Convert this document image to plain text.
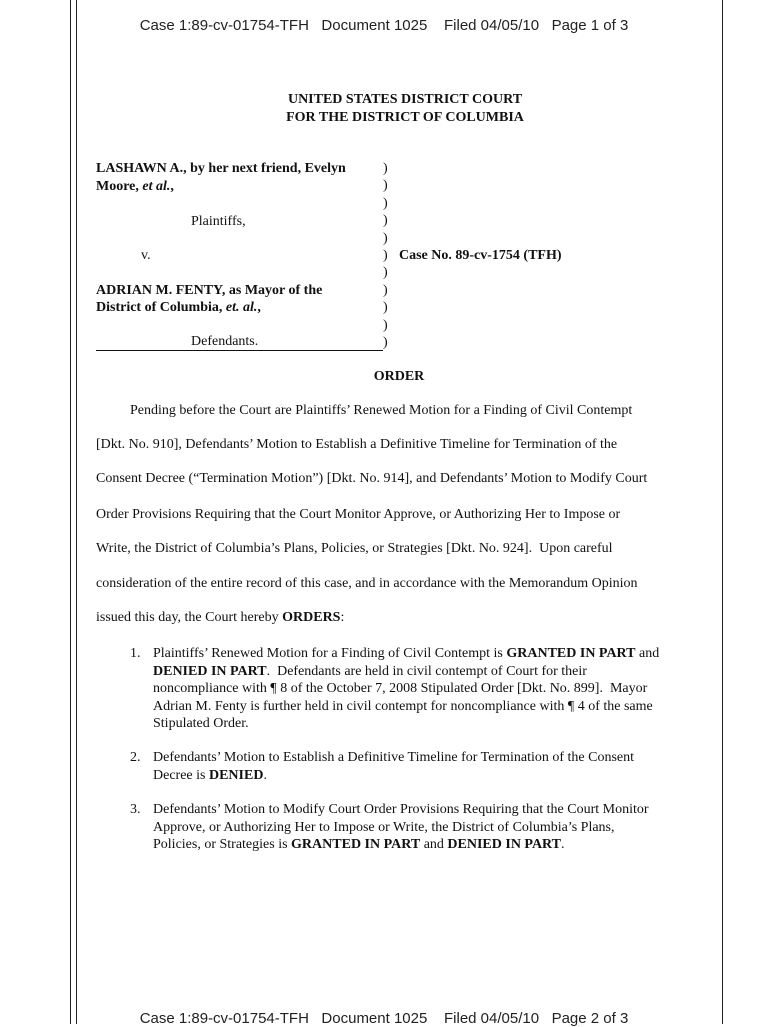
Case 1:89-cv-01754-TFH   Document 1025    Filed 04/05/10   Page 1 of 3
UNITED STATES DISTRICT COURT
FOR THE DISTRICT OF COLUMBIA
LASHAWN A., by her next friend, Evelyn
Moore, et al.,
Plaintiffs,
v.
ADRIAN M. FENTY, as Mayor of the
District of Columbia, et. al.,
Defendants.
Case No. 89-cv-1754 (TFH)
)
)
)
)
)
)
)
)
)
)
)
ORDER
Pending before the Court are Plaintiffs’ Renewed Motion for a Finding of Civil Contempt
[Dkt. No. 910], Defendants’ Motion to Establish a Definitive Timeline for Termination of the
Consent Decree (“Termination Motion”) [Dkt. No. 914], and Defendants’ Motion to Modify Court
Order Provisions Requiring that the Court Monitor Approve, or Authorizing Her to Impose or
Write, the District of Columbia’s Plans, Policies, or Strategies [Dkt. No. 924].  Upon careful
consideration of the entire record of this case, and in accordance with the Memorandum Opinion
issued this day, the Court hereby ORDERS:
1. Plaintiffs’ Renewed Motion for a Finding of Civil Contempt is GRANTED IN PART and
DENIED IN PART.  Defendants are held in civil contempt of Court for their
noncompliance with ¶ 8 of the October 7, 2008 Stipulated Order [Dkt. No. 899].  Mayor
Adrian M. Fenty is further held in civil contempt for noncompliance with ¶ 4 of the same
Stipulated Order.
2. Defendants’ Motion to Establish a Definitive Timeline for Termination of the Consent
Decree is DENIED.
3. Defendants’ Motion to Modify Court Order Provisions Requiring that the Court Monitor
Approve, or Authorizing Her to Impose or Write, the District of Columbia’s Plans,
Policies, or Strategies is GRANTED IN PART and DENIED IN PART.
Case 1:89-cv-01754-TFH   Document 1025    Filed 04/05/10   Page 2 of 3
